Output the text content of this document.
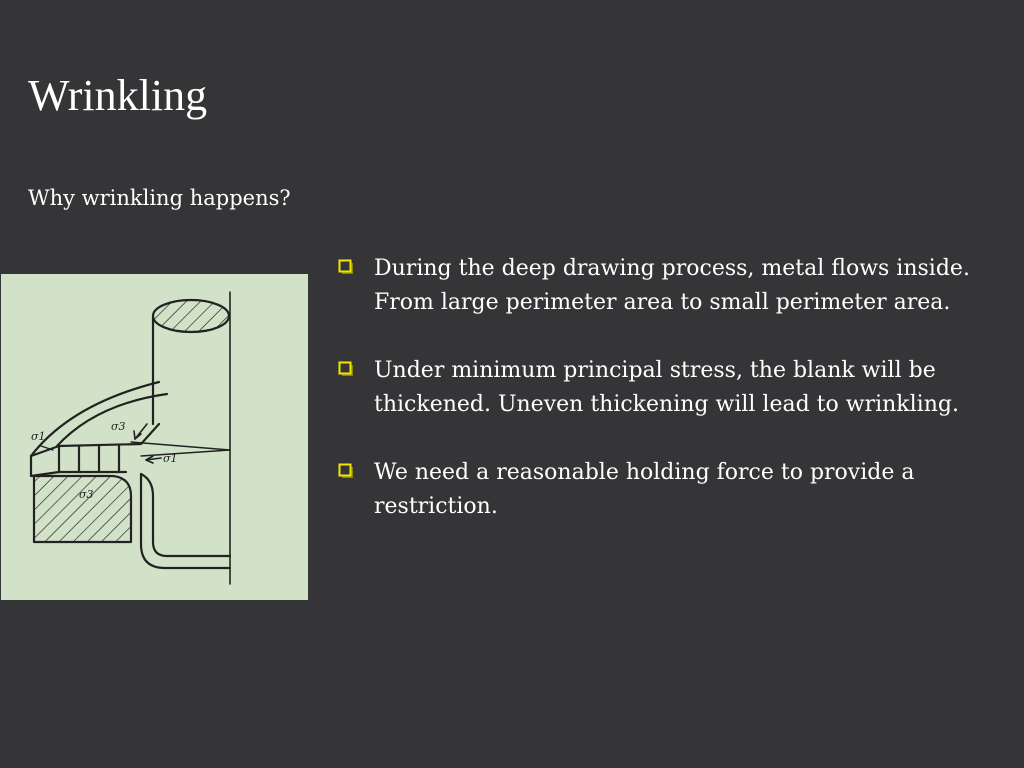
Wrinkling

Why wrinkling happens?

σ1
σ3
σ1
σ3
During the deep drawing process, metal flows inside. From large perimeter area to small perimeter area.
Under minimum principal stress, the blank will be thickened. Uneven thickening will lead to wrinkling.
We need a reasonable holding force to provide a restriction.
